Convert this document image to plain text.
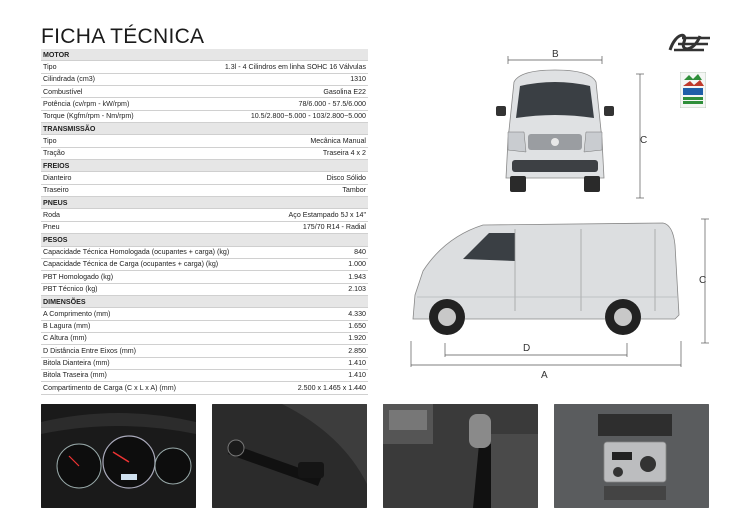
FICHA TÉCNICA
MOTOR
Tipo	1.3l - 4 Cilindros em linha SOHC 16 Válvulas
Cilindrada (cm3)	1310
Combustível	Gasolina E22
Potência (cv/rpm - kW/rpm)	78/6.000 - 57.5/6.000
Torque (Kgfm/rpm - Nm/rpm)	10.5/2.800~5.000 - 103/2.800~5.000
TRANSMISSÃO
Tipo	Mecânica Manual
Tração	Traseira 4 x 2
FREIOS
Dianteiro	Disco Sólido
Traseiro	Tambor
PNEUS
Roda	Aço Estampado 5J x 14"
Pneu	175/70 R14 - Radial
PESOS
Capacidade Técnica Homologada (ocupantes + carga) (kg)	840
Capacidade Técnica de Carga (ocupantes + carga) (kg)	1.000
PBT Homologado (kg)	1.943
PBT Técnico (kg)	2.103
DIMENSÕES
A Comprimento (mm)	4.330
B Lagura (mm)	1.650
C Altura (mm)	1.920
D Distância Entre Eixos (mm)	2.850
Bitola Dianteira (mm)	1.410
Bitola Traseira (mm)	1.410
Compartimento de Carga (C x L x A) (mm)	2.500 x 1.465 x 1.440
B
C
C
D
A
